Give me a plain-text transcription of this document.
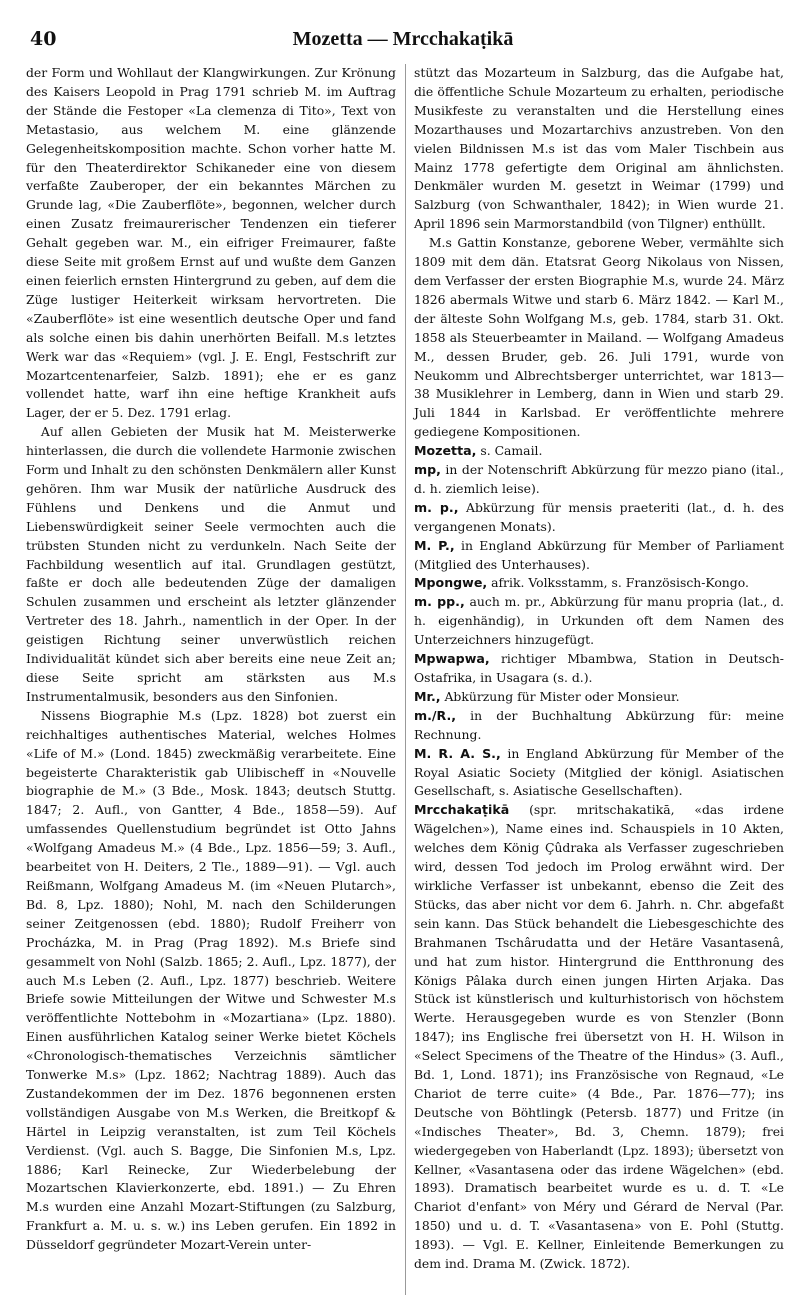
40	Mozetta — Mrcchakaṭikā

der Form und Wohllaut der Klangwirkungen. Zur Krönung des Kaisers Leopold in Prag 1791 schrieb M. im Auftrag der Stände die Festoper «La clemenza di Tito», Text von Metastasio, aus welchem M. eine glänzende Gelegenheitskomposition machte. Schon vorher hatte M. für den Theaterdirektor Schikaneder eine von diesem verfaßte Zauberoper, der ein bekanntes Märchen zu Grunde lag, «Die Zauberflöte», begonnen, welcher durch einen Zusatz freimaurerischer Tendenzen ein tieferer Gehalt gegeben war. M., ein eifriger Freimaurer, faßte diese Seite mit großem Ernst auf und wußte dem Ganzen einen feierlich ernsten Hintergrund zu geben, auf dem die Züge lustiger Heiterkeit wirksam hervortreten. Die «Zauberflöte» ist eine wesentlich deutsche Oper und fand als solche einen bis dahin unerhörten Beifall. M.s letztes Werk war das «Requiem» (vgl. J. E. Engl, Festschrift zur Mozartcentenarfeier, Salzb. 1891); ehe er es ganz vollendet hatte, warf ihn eine heftige Krankheit aufs Lager, der er 5. Dez. 1791 erlag.

Auf allen Gebieten der Musik hat M. Meisterwerke hinterlassen, die durch die vollendete Harmonie zwischen Form und Inhalt zu den schönsten Denkmälern aller Kunst gehören. Ihm war Musik der natürliche Ausdruck des Fühlens und Denkens und die Anmut und Liebenswürdigkeit seiner Seele vermochten auch die trübsten Stunden nicht zu verdunkeln. Nach Seite der Fachbildung wesentlich auf ital. Grundlagen gestützt, faßte er doch alle bedeutenden Züge der damaligen Schulen zusammen und erscheint als letzter glänzender Vertreter des 18. Jahrh., namentlich in der Oper. In der geistigen Richtung seiner unverwüstlich reichen Individualität kündet sich aber bereits eine neue Zeit an; diese Seite spricht am stärksten aus M.s Instrumentalmusik, besonders aus den Sinfonien.

Nissens Biographie M.s (Lpz. 1828) bot zuerst ein reichhaltiges authentisches Material, welches Holmes «Life of M.» (Lond. 1845) zweckmäßig verarbeitete. Eine begeisterte Charakteristik gab Ulibischeff in «Nouvelle biographie de M.» (3 Bde., Mosk. 1843; deutsch Stuttg. 1847; 2. Aufl., von Gantter, 4 Bde., 1858—59). Auf umfassendes Quellenstudium begründet ist Otto Jahns «Wolfgang Amadeus M.» (4 Bde., Lpz. 1856—59; 3. Aufl., bearbeitet von H. Deiters, 2 Tle., 1889—91). — Vgl. auch Reißmann, Wolfgang Amadeus M. (im «Neuen Plutarch», Bd. 8, Lpz. 1880); Nohl, M. nach den Schilderungen seiner Zeitgenossen (ebd. 1880); Rudolf Freiherr von Procházka, M. in Prag (Prag 1892). M.s Briefe sind gesammelt von Nohl (Salzb. 1865; 2. Aufl., Lpz. 1877), der auch M.s Leben (2. Aufl., Lpz. 1877) beschrieb. Weitere Briefe sowie Mitteilungen der Witwe und Schwester M.s veröffentlichte Nottebohm in «Mozartiana» (Lpz. 1880). Einen ausführlichen Katalog seiner Werke bietet Köchels «Chronologisch-thematisches Verzeichnis sämtlicher Tonwerke M.s» (Lpz. 1862; Nachtrag 1889). Auch das Zustandekommen der im Dez. 1876 begonnenen ersten vollständigen Ausgabe von M.s Werken, die Breitkopf & Härtel in Leipzig veranstalten, ist zum Teil Köchels Verdienst. (Vgl. auch S. Bagge, Die Sinfonien M.s, Lpz. 1886; Karl Reinecke, Zur Wiederbelebung der Mozartschen Klavierkonzerte, ebd. 1891.) — Zu Ehren M.s wurden eine Anzahl Mozart-Stiftungen (zu Salzburg, Frankfurt a. M. u. s. w.) ins Leben gerufen. Ein 1892 in Düsseldorf gegründeter Mozart-Verein unter-

stützt das Mozarteum in Salzburg, das die Aufgabe hat, die öffentliche Schule Mozarteum zu erhalten, periodische Musikfeste zu veranstalten und die Herstellung eines Mozarthauses und Mozartarchivs anzustreben. Von den vielen Bildnissen M.s ist das vom Maler Tischbein aus Mainz 1778 gefertigte dem Original am ähnlichsten. Denkmäler wurden M. gesetzt in Weimar (1799) und Salzburg (von Schwanthaler, 1842); in Wien wurde 21. April 1896 sein Marmorstandbild (von Tilgner) enthüllt.

M.s Gattin Konstanze, geborene Weber, vermählte sich 1809 mit dem dän. Etatsrat Georg Nikolaus von Nissen, dem Verfasser der ersten Biographie M.s, wurde 24. März 1826 abermals Witwe und starb 6. März 1842. — Karl M., der älteste Sohn Wolfgang M.s, geb. 1784, starb 31. Okt. 1858 als Steuerbeamter in Mailand. — Wolfgang Amadeus M., dessen Bruder, geb. 26. Juli 1791, wurde von Neukomm und Albrechtsberger unterrichtet, war 1813—38 Musiklehrer in Lemberg, dann in Wien und starb 29. Juli 1844 in Karlsbad. Er veröffentlichte mehrere gediegene Kompositionen.

Mozetta, s. Camail.

mp, in der Notenschrift Abkürzung für mezzo piano (ital., d. h. ziemlich leise).

m. p., Abkürzung für mensis praeteriti (lat., d. h. des vergangenen Monats).

M. P., in England Abkürzung für Member of Parliament (Mitglied des Unterhauses).

Mpongwe, afrik. Volksstamm, s. Französisch-Kongo.

m. pp., auch m. pr., Abkürzung für manu propria (lat., d. h. eigenhändig), in Urkunden oft dem Namen des Unterzeichners hinzugefügt.

Mpwapwa, richtiger Mbambwa, Station in Deutsch-Ostafrika, in Usagara (s. d.).

Mr., Abkürzung für Mister oder Monsieur.

m./R., in der Buchhaltung Abkürzung für: meine Rechnung.

M. R. A. S., in England Abkürzung für Member of the Royal Asiatic Society (Mitglied der königl. Asiatischen Gesellschaft, s. Asiatische Gesellschaften).

Mrcchakaṭikā (spr. mritschakatikā, «das irdene Wägelchen»), Name eines ind. Schauspiels in 10 Akten, welches dem König Çûdraka als Verfasser zugeschrieben wird, dessen Tod jedoch im Prolog erwähnt wird. Der wirkliche Verfasser ist unbekannt, ebenso die Zeit des Stücks, das aber nicht vor dem 6. Jahrh. n. Chr. abgefaßt sein kann. Das Stück behandelt die Liebesgeschichte des Brahmanen Tschârudatta und der Hetäre Vasantasenâ, und hat zum histor. Hintergrund die Entthronung des Königs Pâlaka durch einen jungen Hirten Arjaka. Das Stück ist künstlerisch und kulturhistorisch von höchstem Werte. Herausgegeben wurde es von Stenzler (Bonn 1847); ins Englische frei übersetzt von H. H. Wilson in «Select Specimens of the Theatre of the Hindus» (3. Aufl., Bd. 1, Lond. 1871); ins Französische von Regnaud, «Le Chariot de terre cuite» (4 Bde., Par. 1876—77); ins Deutsche von Böhtlingk (Petersb. 1877) und Fritze (in «Indisches Theater», Bd. 3, Chemn. 1879); frei wiedergegeben von Haberlandt (Lpz. 1893); übersetzt von Kellner, «Vasantasena oder das irdene Wägelchen» (ebd. 1893). Dramatisch bearbeitet wurde es u. d. T. «Le Chariot d'enfant» von Méry und Gérard de Nerval (Par. 1850) und u. d. T. «Vasantasena» von E. Pohl (Stuttg. 1893). — Vgl. E. Kellner, Einleitende Bemerkungen zu dem ind. Drama M. (Zwick. 1872).
